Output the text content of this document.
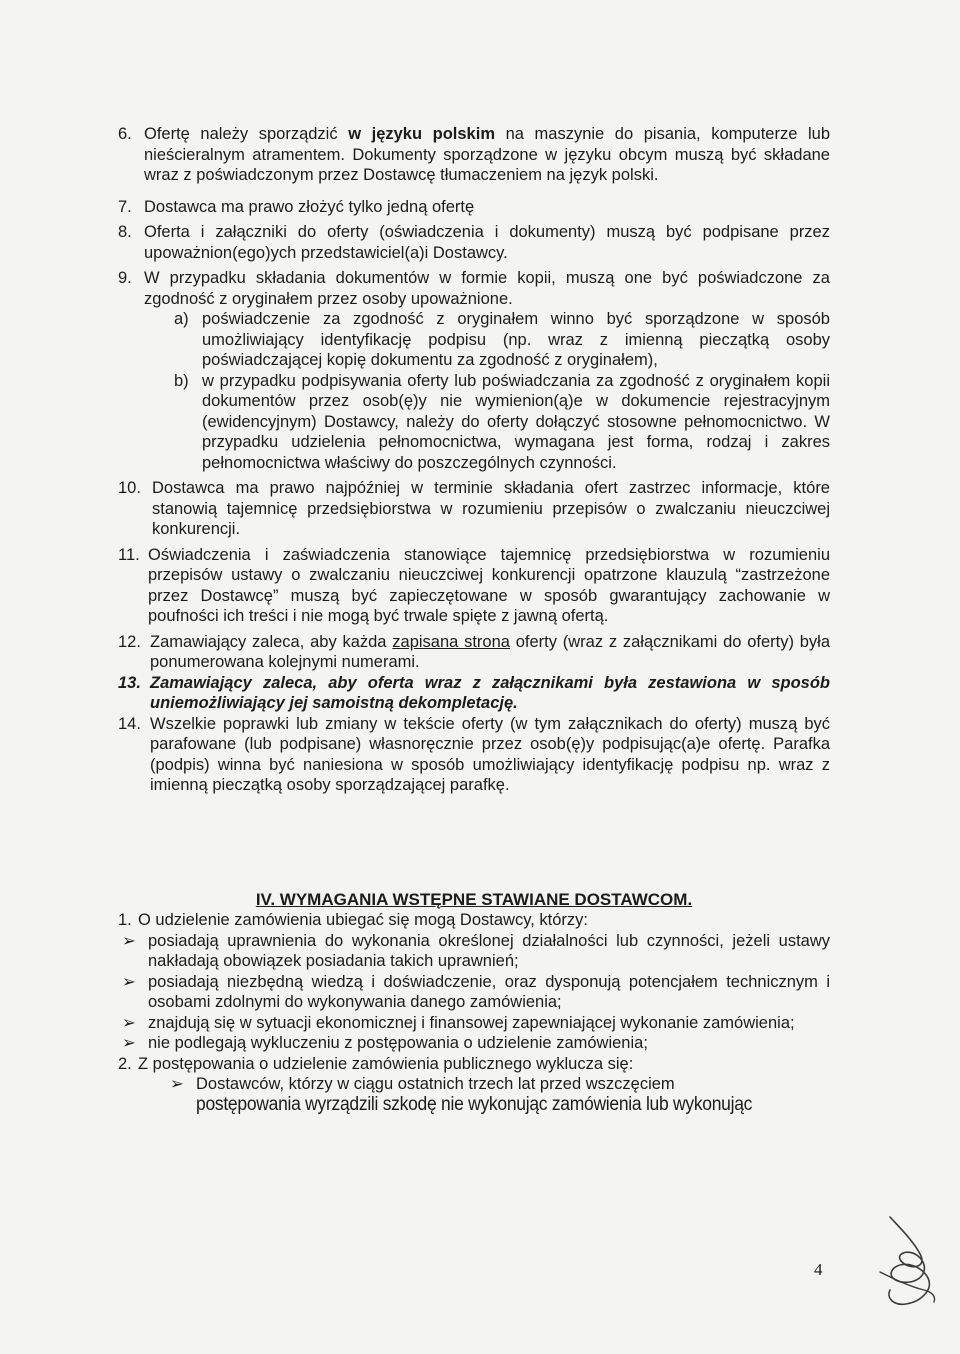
6. Ofertę należy sporządzić w języku polskim na maszynie do pisania, komputerze lub nieścieralnym atramentem. Dokumenty sporządzone w języku obcym muszą być składane wraz z poświadczonym przez Dostawcę tłumaczeniem na język polski.
7. Dostawca ma prawo złożyć tylko jedną ofertę
8. Oferta i załączniki do oferty (oświadczenia i dokumenty) muszą być podpisane przez upoważnion(ego)ych przedstawiciel(a)i Dostawcy.
9. W przypadku składania dokumentów w formie kopii, muszą one być poświadczone za zgodność z oryginałem przez osoby upoważnione.
a) poświadczenie za zgodność z oryginałem winno być sporządzone w sposób umożliwiający identyfikację podpisu (np. wraz z imienną pieczątką osoby poświadczającej kopię dokumentu za zgodność z oryginałem),
b) w przypadku podpisywania oferty lub poświadczania za zgodność z oryginałem kopii dokumentów przez osob(ę)y nie wymienion(ą)e w dokumencie rejestracyjnym (ewidencyjnym) Dostawcy, należy do oferty dołączyć stosowne pełnomocnictwo. W przypadku udzielenia pełnomocnictwa, wymagana jest forma, rodzaj i zakres pełnomocnictwa właściwy do poszczególnych czynności.
10. Dostawca ma prawo najpóźniej w terminie składania ofert zastrzec informacje, które stanowią tajemnicę przedsiębiorstwa w rozumieniu przepisów o zwalczaniu nieuczciwej konkurencji.
11. Oświadczenia i zaświadczenia stanowiące tajemnicę przedsiębiorstwa w rozumieniu przepisów ustawy o zwalczaniu nieuczciwej konkurencji opatrzone klauzulą “zastrzeżone przez Dostawcę” muszą być zapieczętowane w sposób gwarantujący zachowanie w poufności ich treści i nie mogą być trwale spięte z jawną ofertą.
12. Zamawiający zaleca, aby każda zapisana strona oferty (wraz z załącznikami do oferty) była ponumerowana kolejnymi numerami.
13. Zamawiający zaleca, aby oferta wraz z załącznikami była zestawiona w sposób uniemożliwiający jej samoistną dekompletację.
14. Wszelkie poprawki lub zmiany w tekście oferty (w tym załącznikach do oferty) muszą być parafowane (lub podpisane) własnoręcznie przez osob(ę)y podpisując(a)e ofertę. Parafka (podpis) winna być naniesiona w sposób umożliwiający identyfikację podpisu np. wraz z imienną pieczątką osoby sporządzającej parafkę.

IV. WYMAGANIA WSTĘPNE STAWIANE DOSTAWCOM.

1. O udzielenie zamówienia ubiegać się mogą Dostawcy, którzy:
➢ posiadają uprawnienia do wykonania określonej działalności lub czynności, jeżeli ustawy nakładają obowiązek posiadania takich uprawnień;
➢ posiadają niezbędną wiedzą i doświadczenie, oraz dysponują potencjałem technicznym i osobami zdolnymi do wykonywania danego zamówienia;
➢ znajdują się w sytuacji ekonomicznej i finansowej zapewniającej wykonanie zamówienia;
➢ nie podlegają wykluczeniu z postępowania o udzielenie zamówienia;
2. Z postępowania o udzielenie zamówienia publicznego wyklucza się:
➢ Dostawców, którzy w ciągu ostatnich trzech lat przed wszczęciem
postępowania wyrządzili szkodę nie wykonując zamówienia lub wykonując
4
